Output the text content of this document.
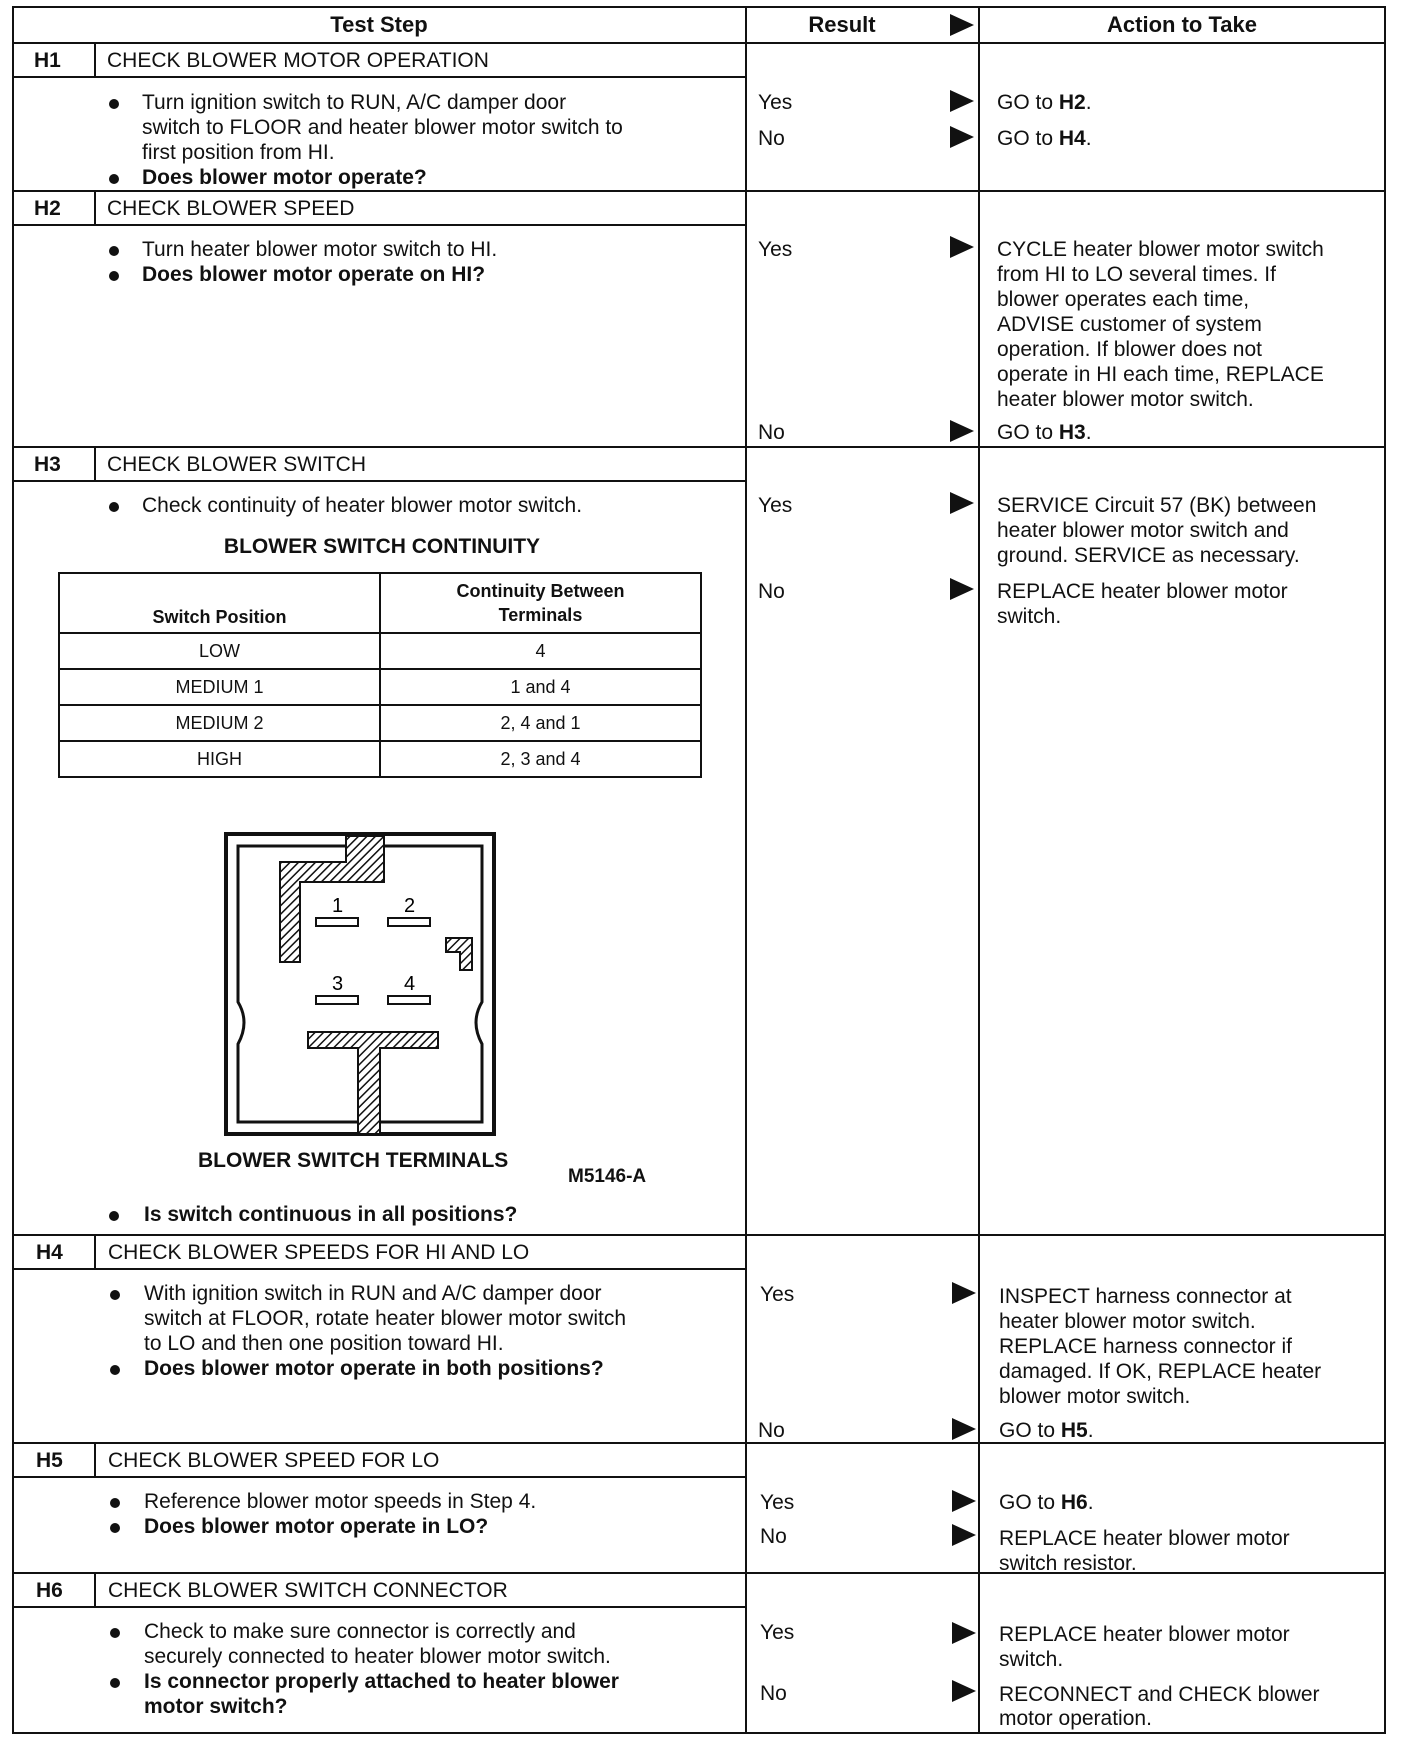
Test Step	Result	Action to Take
H1 CHECK BLOWER MOTOR OPERATION
Turn ignition switch to RUN, A/C damper door
switch to FLOOR and heater blower motor switch to
first position from HI.
Does blower motor operate?
Yes	GO to H2.
No	GO to H4.
H2 CHECK BLOWER SPEED
Turn heater blower motor switch to HI.
Does blower motor operate on HI?
Yes	CYCLE heater blower motor switch
from HI to LO several times. If
blower operates each time,
ADVISE customer of system
operation. If blower does not
operate in HI each time, REPLACE
heater blower motor switch.
No	GO to H3.
H3 CHECK BLOWER SWITCH
Check continuity of heater blower motor switch.
BLOWER SWITCH CONTINUITY
Switch Position	Continuity Between
Terminals
LOW	4
MEDIUM 1	1 and 4
MEDIUM 2	2, 4 and 1
HIGH	2, 3 and 4
1	2
3	4
BLOWER SWITCH TERMINALS
M5146-A
Is switch continuous in all positions?
Yes	SERVICE Circuit 57 (BK) between
heater blower motor switch and
ground. SERVICE as necessary.
No	REPLACE heater blower motor
switch.
H4 CHECK BLOWER SPEEDS FOR HI AND LO
With ignition switch in RUN and A/C damper door
switch at FLOOR, rotate heater blower motor switch
to LO and then one position toward HI.
Does blower motor operate in both positions?
Yes	INSPECT harness connector at
heater blower motor switch.
REPLACE harness connector if
damaged. If OK, REPLACE heater
blower motor switch.
No	GO to H5.
H5 CHECK BLOWER SPEED FOR LO
Reference blower motor speeds in Step 4.
Does blower motor operate in LO?
Yes	GO to H6.
No	REPLACE heater blower motor
switch resistor.
H6 CHECK BLOWER SWITCH CONNECTOR
Check to make sure connector is correctly and
securely connected to heater blower motor switch.
Is connector properly attached to heater blower
motor switch?
Yes	REPLACE heater blower motor
switch.
No	RECONNECT and CHECK blower
motor operation.
